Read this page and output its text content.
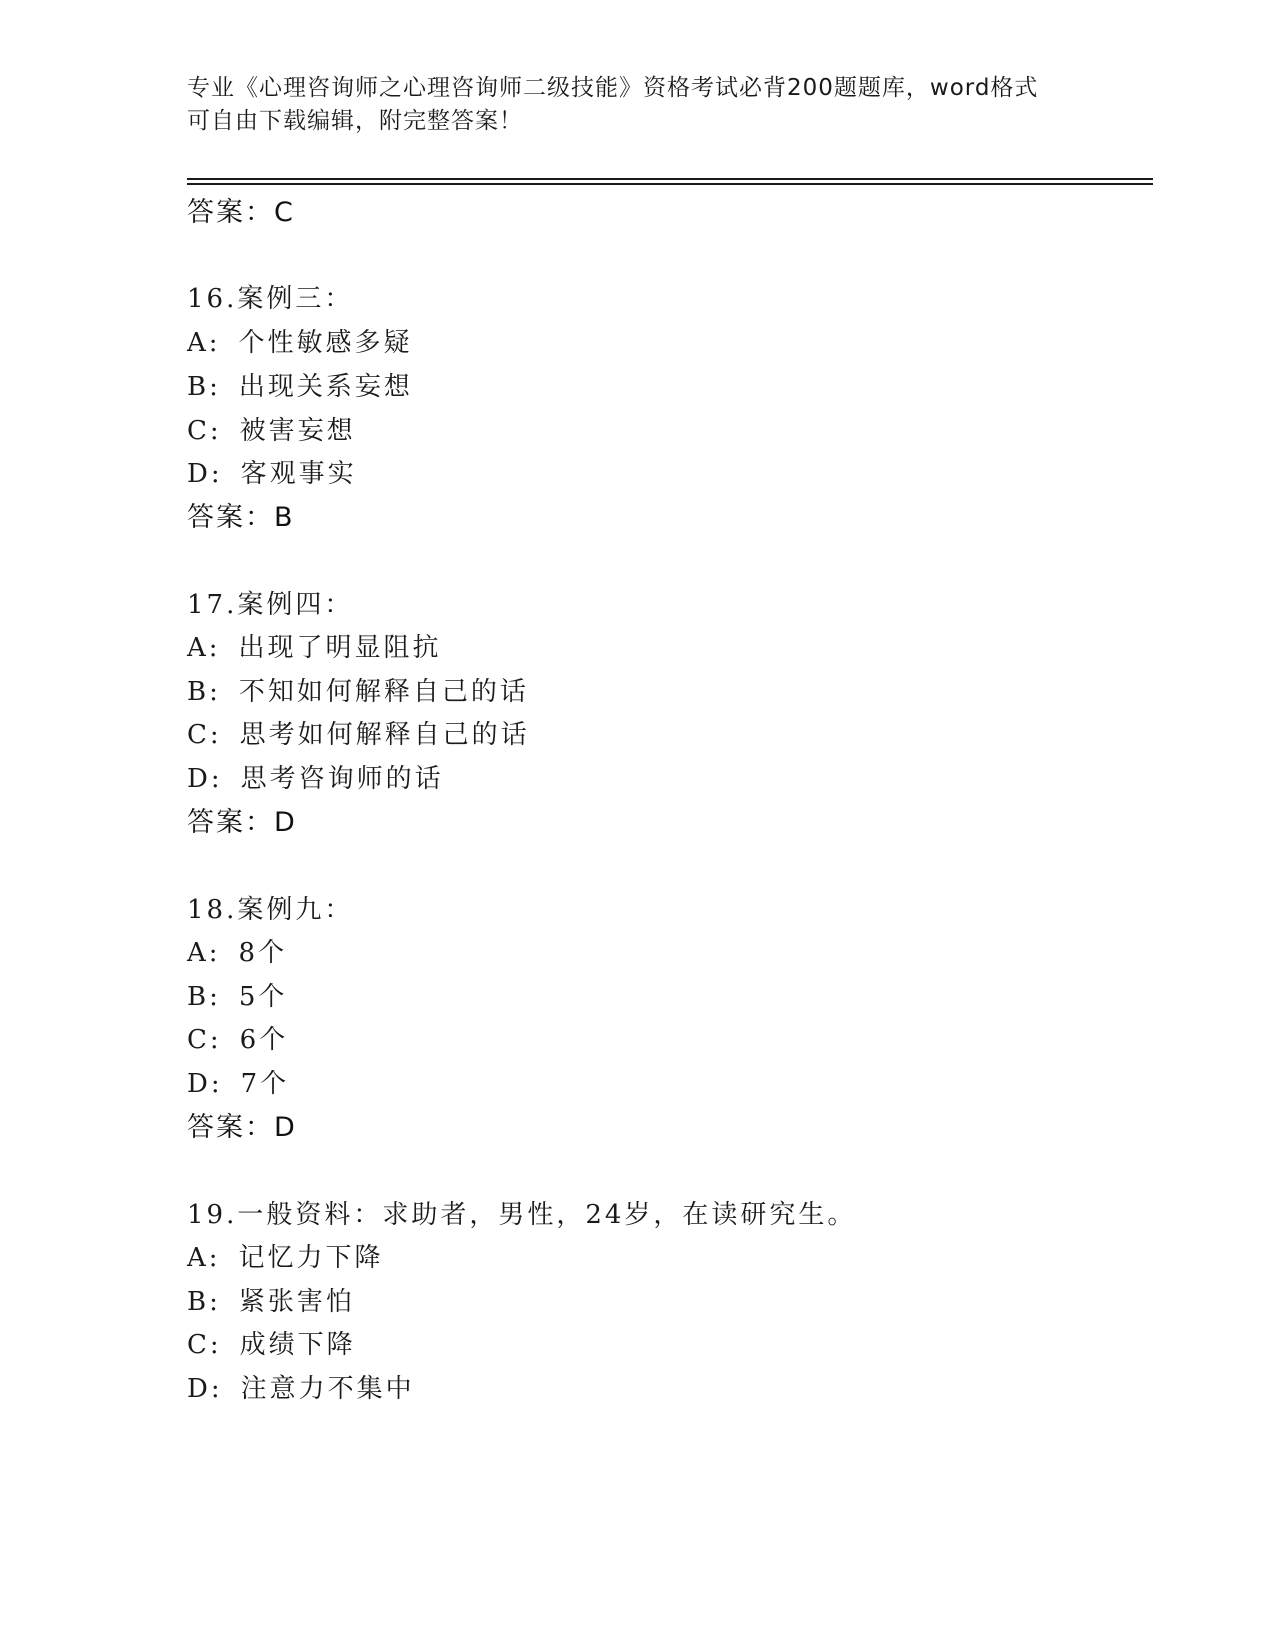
专业《心理咨询师之心理咨询师二级技能》资格考试必背200题题库，word格式
可自由下载编辑，附完整答案！
答案：C
16.案例三：
A: 个性敏感多疑
B: 出现关系妄想
C: 被害妄想
D: 客观事实
答案：B
17.案例四：
A: 出现了明显阻抗
B: 不知如何解释自己的话
C: 思考如何解释自己的话
D: 思考咨询师的话
答案：D
18.案例九：
A: 8个
B: 5个
C: 6个
D: 7个
答案：D
19.一般资料：求助者，男性，24岁，在读研究生。
A: 记忆力下降
B: 紧张害怕
C: 成绩下降
D: 注意力不集中
